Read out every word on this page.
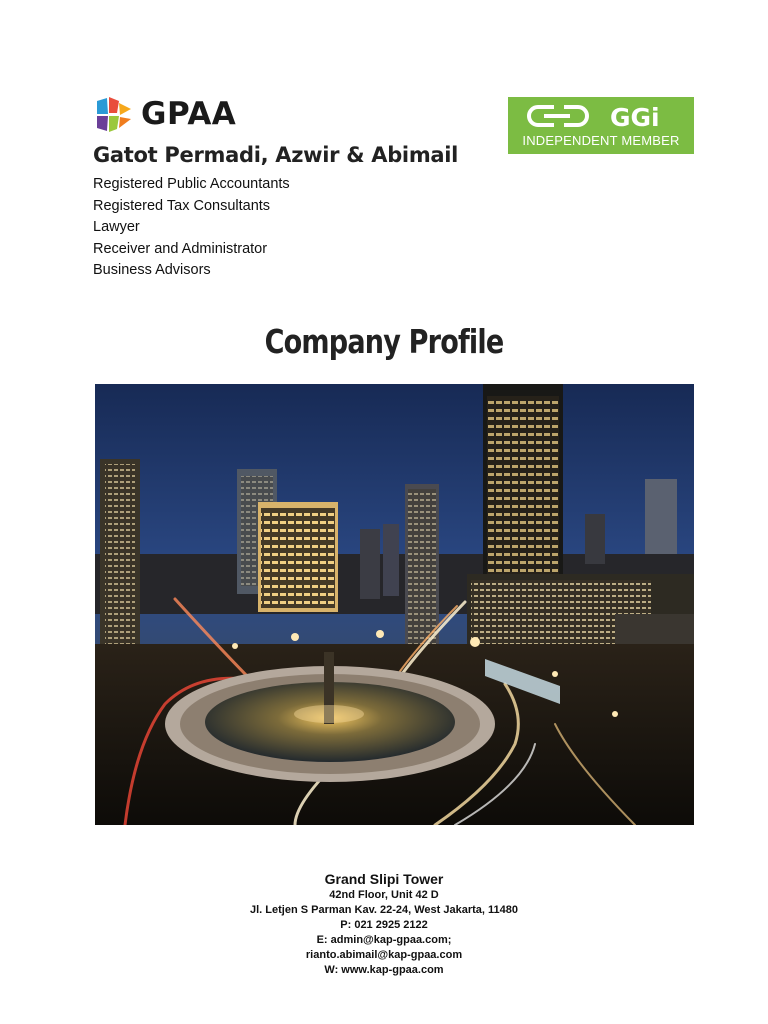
GPAA
Gatot Permadi, Azwir & Abimail
Registered Public Accountants
Registered Tax Consultants
Lawyer
Receiver and Administrator
Business Advisors
GGi
INDEPENDENT MEMBER
Company Profile
Grand Slipi Tower
42nd Floor, Unit 42 D
Jl. Letjen S Parman Kav. 22-24, West Jakarta, 11480
P: 021 2925 2122
E: admin@kap-gpaa.com;
rianto.abimail@kap-gpaa.com
W: www.kap-gpaa.com
